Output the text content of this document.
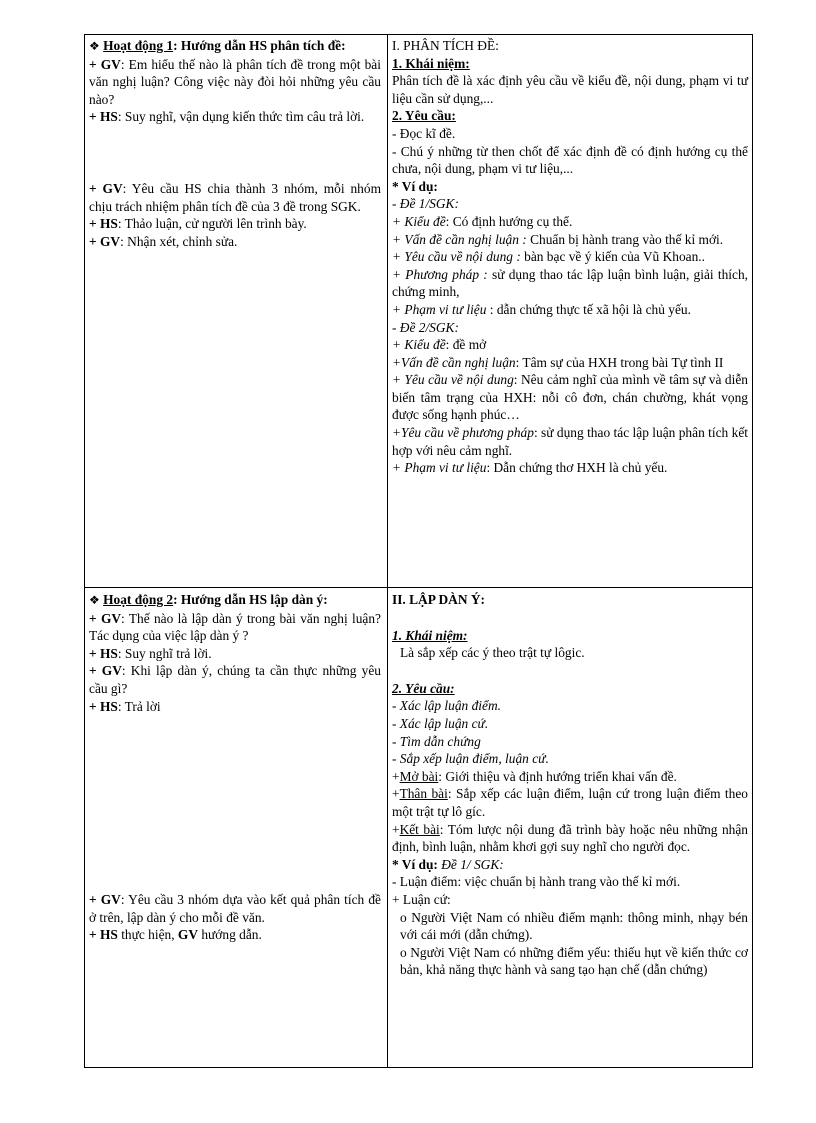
❖ Hoạt động 1: Hướng dẫn HS phân tích đề:

+ GV: Em hiểu thế nào là phân tích đề trong một bài văn nghị luận? Công việc này đòi hỏi những yêu cầu nào?

+ HS: Suy nghĩ, vận dụng kiến thức tìm câu trả lời.

+ GV: Yêu cầu HS chia thành 3 nhóm, mỗi nhóm chịu trách nhiệm phân tích đề của 3 đề trong SGK.

+ HS: Thảo luận, cử người lên trình bày.

+ GV: Nhận xét, chỉnh sửa.

I. PHÂN TÍCH ĐỀ:

1. Khái niệm:

Phân tích đề là xác định yêu cầu về kiểu đề, nội dung, phạm vi tư liệu cần sử dụng,...

2. Yêu cầu:

- Đọc kĩ đề.

- Chú ý những từ then chốt để xác định đề có định hướng cụ thể chưa, nội dung, phạm vi tư liệu,...

* Ví dụ:

- Đề 1/SGK:

+ Kiểu đề: Có định hướng cụ thể.

+ Vấn đề cần nghị luận : Chuẩn bị hành trang vào thế kỉ mới.

+ Yêu cầu về nội dung : bàn bạc về ý kiến của Vũ Khoan..

+ Phương pháp : sử dụng thao tác lập luận bình luận, giải thích, chứng minh,

+ Phạm vi tư liệu : dẫn chứng thực tế xã hội là chủ yếu.

- Đề 2/SGK:

+ Kiểu đề: đề mở

+Vấn đề cần nghị luận: Tâm sự của HXH trong bài Tự tình II

+ Yêu cầu về nội dung: Nêu cảm nghĩ của mình về tâm sự và diễn biến tâm trạng của HXH: nỗi cô đơn, chán chường, khát vọng được sống hạnh phúc…

+Yêu cầu về phương pháp: sử dụng thao tác lập luận phân tích kết hợp với nêu cảm nghĩ.

+ Phạm vi tư liệu: Dẫn chứng thơ HXH là chủ yếu.

❖ Hoạt động 2: Hướng dẫn HS lập dàn ý:

+ GV: Thế nào là lập dàn ý trong bài văn nghị luận? Tác dụng của việc lập dàn ý ?

+ HS: Suy nghĩ trả lời.

+ GV: Khi lập dàn ý, chúng ta cần thực những yêu cầu gì?

+ HS: Trả lời

+ GV: Yêu cầu 3 nhóm dựa vào kết quả phân tích đề ở trên, lập dàn ý cho mỗi đề văn.

+ HS thực hiện, GV hướng dẫn.

II. LẬP DÀN Ý:

1. Khái niệm:

Là sắp xếp các ý theo trật tự lôgic.

2. Yêu cầu:

- Xác lập luận điểm.

- Xác lập luận cứ.

- Tìm dẫn chứng

- Sắp xếp luận điểm, luận cứ.

+Mở bài: Giới thiệu và định hướng triển khai vấn đề.

+Thân bài: Sắp xếp các luận điểm, luận cứ trong luận điểm theo một trật tự lô gíc.

+Kết bài: Tóm lược nội dung đã trình bày hoặc nêu những nhận định, bình luận, nhằm khơi gợi suy nghĩ cho người đọc.

* Ví dụ: Đề 1/ SGK:

- Luận điểm: việc chuẩn bị hành trang vào thế kỉ mới.

+ Luận cứ:

o Người Việt Nam có nhiều điểm mạnh: thông minh, nhạy bén với cái mới (dẫn chứng).

o Người Việt Nam có những điểm yếu: thiếu hụt về kiến thức cơ bản, khả năng thực hành và sang tạo hạn chế (dẫn chứng)
